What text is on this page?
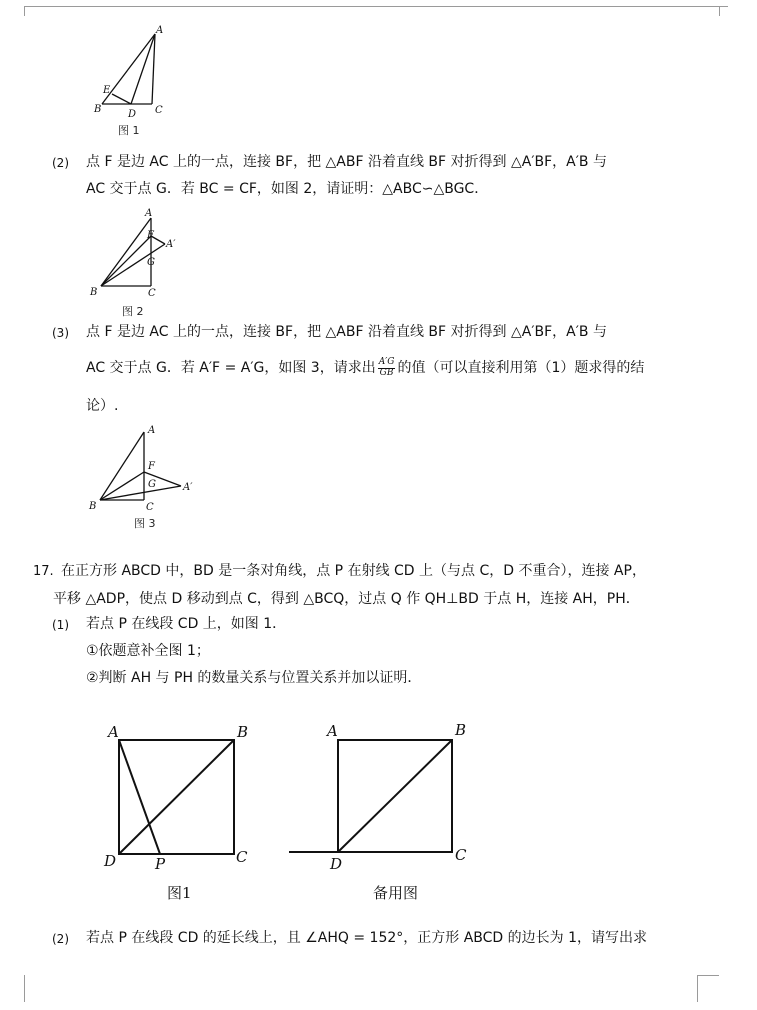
A
E
B	D C
图 1
(2) 点 F 是边 AC 上的一点，连接 BF，把 △ABF 沿着直线 BF 对折得到 △A′BF，A′B 与
AC 交于点 G．若 BC = CF，如图 2，请证明：△ABC∽△BGC．
A
F
A′
G
B	C
图 2
(3) 点 F 是边 AC 上的一点，连接 BF，把 △ABF 沿着直线 BF 对折得到 △A′BF，A′B 与
AC 交于点 G．若 A′F = A′G，如图 3，请求出 $\frac{A'G}{GB}$ 的值（可以直接利用第（1）题求得的结
论）.
A
F
G	A′
B	C
图 3
17. 在正方形 ABCD 中，BD 是一条对角线，点 P 在射线 CD 上（与点 C，D 不重合），连接 AP，
平移 △ADP，使点 D 移动到点 C，得到 △BCQ，过点 Q 作 QH⊥BD 于点 H，连接 AH，PH．
(1) 若点 P 在线段 CD 上，如图 1．
①依题意补全图 1；
②判断 AH 与 PH 的数量关系与位置关系并加以证明．
A	B
D	P	C
图1
A	B
D	C
备用图
(2) 若点 P 在线段 CD 的延长线上，且 ∠AHQ = 152°，正方形 ABCD 的边长为 1，请写出求
